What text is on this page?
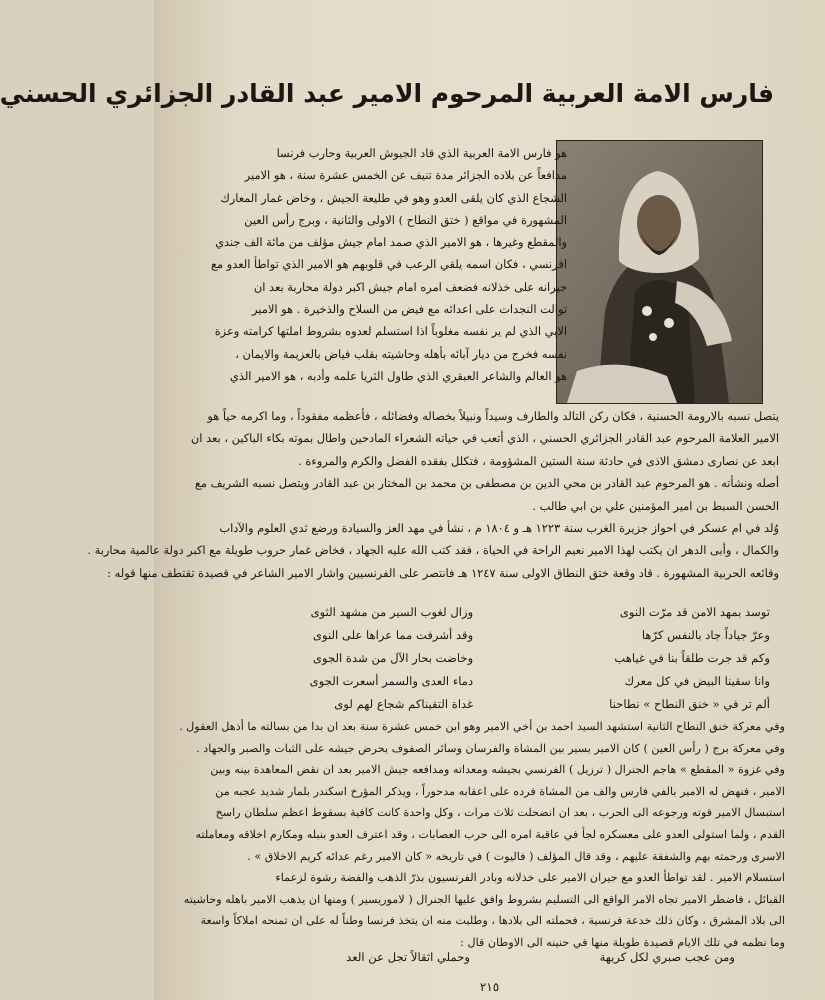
فارس الامة العربية المرحوم الامير عبد القادر الجزائري الحسني
هو فارس الامة العربية الذي قاد الجيوش العربية وحارب فرنسا
مدافعاً عن بلاده الجزائر مدة تنيف عن الخمس عشرة سنة ، هو الامير
الشجاع الذي كان يلقى العدو وهو في طليعة الجيش ، وخاض غمار المعارك
المشهورة في مواقع ( ختق النطاح ) الاولى والثانية ، وبرج رأس العين
والمقطع وغيرها ، هو الامير الذي صمد امام جيش مؤلف من مائة الف جندي
افرنسي ، فكان اسمه يلقي الرعب في قلوبهم هو الامير الذي تواطأ العدو مع
جيرانه على خذلانه فضعف امره امام جيش اكبر دولة محاربة بعد ان
توالت النجدات على اعدائه مع فيض من السلاح والذخيرة . هو الامير
الابي الذي لم ير نفسه مغلوباً اذا استسلم لعدوه بشروط املتها كرامته وعزة
نفسه فخرج من ديار آبائه بأهله وحاشيته بقلب فياض بالعزيمة والايمان ،
هو العالم والشاعر العبقري الذي طاول الثريا علمه وأدبه ، هو الامير الذي
يتصل نسبه بالارومة الحسنية ، فكان ركن التالد والطارف وسيداً ونبيلاً بخصاله وفضائله ، فأعظمه مفقوداً ، وما اكرمه حياً هو
الامير العلامة المرحوم عبد القادر الجزائري الحسني ، الذي أتعب في حياته الشعراء المادحين واطال بموته بكاء الباكين ، بعد ان
ابعد عن نصارى دمشق الاذى في حادثة سنة الستين المشؤومة ، فتكلل بفقده الفضل والكرم والمروءة .
أصله ونشأته . هو المرحوم عبد القادر بن محي الدين بن مصطفى بن محمد بن المختار بن عبد القادر ويتصل نسبه الشريف مع
الحسن السبط بن امير المؤمنين علي بن ابي طالب .
وُلد في ام عسكر في احواز جزيرة الغرب سنة ١٢٢٣ هـ و ١٨٠٤ م ، نشأ في مهد العز والسيادة ورضع ثدي العلوم والآداب
والكمال ، وأبى الدهر ان يكتب لهذا الامير نعيم الراحة في الحياة ، فقد كتب الله عليه الجهاد ، فخاض غمار حروب طويلة مع اكبر دولة عالمية محاربة .
وقائعه الحربية المشهورة . قاد وقعة ختق النطاق الاولى سنة ١٢٤٧ هـ فانتصر على الفرنسيين واشار الامير الشاعر في قصيدة تقتطف منها قوله :
توسد بمهد الامن قد مرّت النوى
وزال لغوب السير من مشهد الثوى
وعرّ جياداً جاد بالنفس كرّها
وقد أشرفت مما عراها على النوى
وكم قد جرت طلقاً بنا في غياهب
وخاضت بحار الآل من شدة الجوى
وانا سقينا البيض في كل معرك
دماء العدى والسمر أسعرت الجوى
ألم تر في « خنق النطاح » نطاحنا
غداة التقيناكم شجاع لهم لوى
وفي معركة خنق النطاح الثانية استشهد السيد احمد بن أخي الامير وهو ابن خمس عشرة سنة بعد ان بدا من بسالته ما أذهل العقول .
وفي معركة برج ( رأس العين ) كان الامير يسير بين المشاة والفرسان وسائر الصفوف يحرض جيشه على الثبات والصبر والجهاد .
وفي غزوة « المقطع » هاجم الجنرال ( ترزيل ) الفرنسي بجيشه ومعداته ومدافعه جيش الامير بعد ان نقض المعاهدة بينه وبين
الامير ، فنهض له الامير بالفي فارس والف من المشاة فرده على اعقابه مدحوراً ، ويذكر المؤرخ اسكندر بلمار شديد عجبه من
استبسال الامير قوته ورجوعه الى الحرب ، بعد ان انضحلت ثلاث مرات ، وكل واحدة كانت كافية بسقوط اعظم سلطان راسخ
القدم ، ولما استولى العدو على معسكره لجأ في عاقبة امره الى حرب العصابات ، وقد اعترف العدو بنبله ومكارم اخلاقه ومعاملته
الاسرى ورحمته بهم والشفقة عليهم ، وقد قال المؤلف ( فاليوت ) في تاريخه « كان الامير رغم عدائه كريم الاخلاق » .
استسلام الامير . لقد تواطأ العدو مع جيران الامير على خذلانه وبادر الفرنسيون بذرّ الذهب والفضة رشوة لزعماء
القبائل ، فاضطر الامير تجاه الامر الواقع الى التسليم بشروط وافق عليها الجنرال ( لاموريسير ) ومنها ان يذهب الامير باهله وحاشيته
الى بلاد المشرق ، وكان ذلك خدعة فرنسية ، فحملته الى بلادها ، وطلبت منه ان يتخذ فرنسا وطناً له على ان تمنحه املاكاً واسعة
وما نظمه في تلك الايام قصيدة طويلة منها في حنينه الى الاوطان قال :
ومن عجب صبري لكل كريهة
وحملي اثقالاً تجل عن العد
٢١٥
